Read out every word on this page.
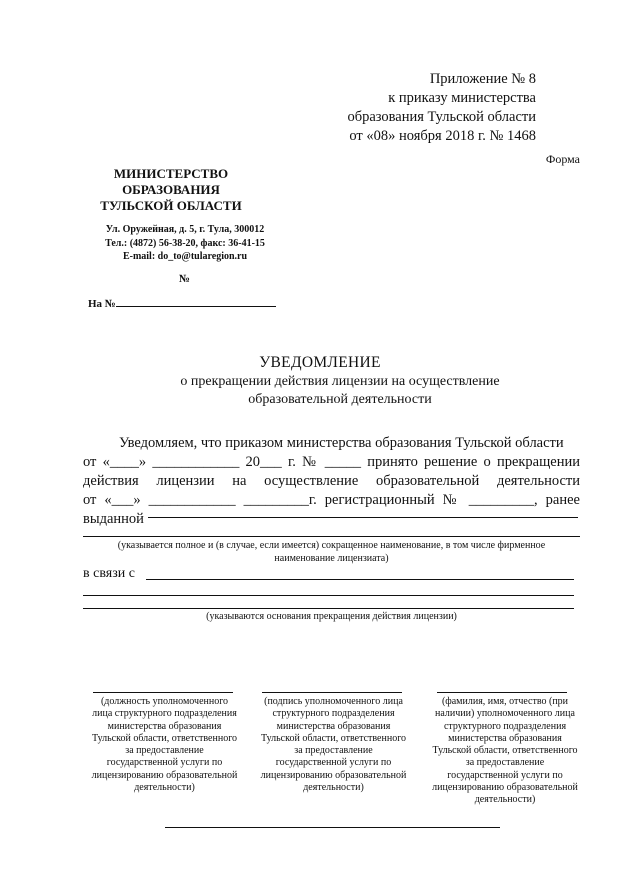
Приложение № 8
к приказу министерства
образования Тульской области
от «08» ноября 2018 г. № 1468
Форма
МИНИСТЕРСТВО
ОБРАЗОВАНИЯ
ТУЛЬСКОЙ ОБЛАСТИ
Ул. Оружейная, д. 5, г. Тула, 300012
Тел.: (4872) 56-38-20, факс: 36-41-15
E-mail: do_to@tularegion.ru
№
На №
УВЕДОМЛЕНИЕ
о прекращении действия лицензии на осуществление
образовательной деятельности

Уведомляем, что приказом министерства образования Тульской области

от «____» ____________ 20___ г. № _____ принято решение о прекращении
действия лицензии на осуществление образовательной деятельности
от «___» ____________ _________г. регистрационный № _________, ранее
выданной
(указывается полное и (в случае, если имеется) сокращенное наименование, в том числе фирменное
наименование лицензиата)
в связи с
(указываются основания прекращения действия лицензии)
(должность уполномоченного
лица структурного подразделения
министерства образования
Тульской области, ответственного
за предоставление
государственной услуги по
лицензированию образовательной
деятельности)
(подпись уполномоченного лица
структурного подразделения
министерства образования
Тульской области, ответственного
за предоставление
государственной услуги по
лицензированию образовательной
деятельности)
(фамилия, имя, отчество (при
наличии) уполномоченного лица
структурного подразделения
министерства образования
Тульской области, ответственного
за предоставление
государственной услуги по
лицензированию образовательной
деятельности)
